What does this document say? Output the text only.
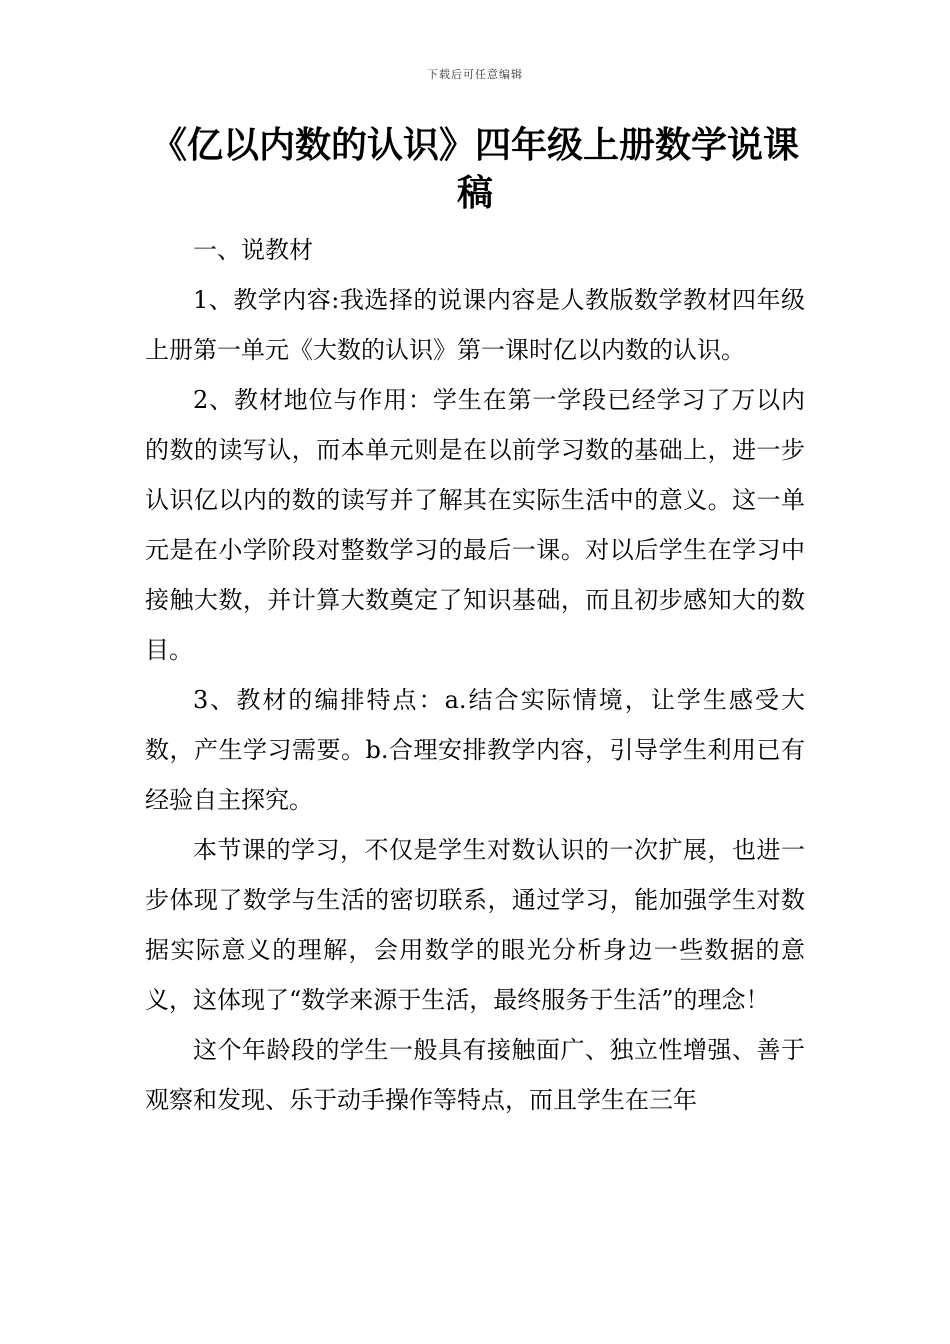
下载后可任意编辑
《亿以内数的认识》四年级上册数学说课稿

一、说教材

1、教学内容:我选择的说课内容是人教版数学教材四年级上册第一单元《大数的认识》第一课时亿以内数的认识。

2、教材地位与作用：学生在第一学段已经学习了万以内的数的读写认，而本单元则是在以前学习数的基础上，进一步认识亿以内的数的读写并了解其在实际生活中的意义。这一单元是在小学阶段对整数学习的最后一课。对以后学生在学习中接触大数，并计算大数奠定了知识基础，而且初步感知大的数目。

3、教材的编排特点：a.结合实际情境，让学生感受大数，产生学习需要。b.合理安排教学内容，引导学生利用已有经验自主探究。

本节课的学习，不仅是学生对数认识的一次扩展，也进一步体现了数学与生活的密切联系，通过学习，能加强学生对数据实际意义的理解，会用数学的眼光分析身边一些数据的意义，这体现了“数学来源于生活，最终服务于生活”的理念！

这个年龄段的学生一般具有接触面广、独立性增强、善于观察和发现、乐于动手操作等特点，而且学生在三年
